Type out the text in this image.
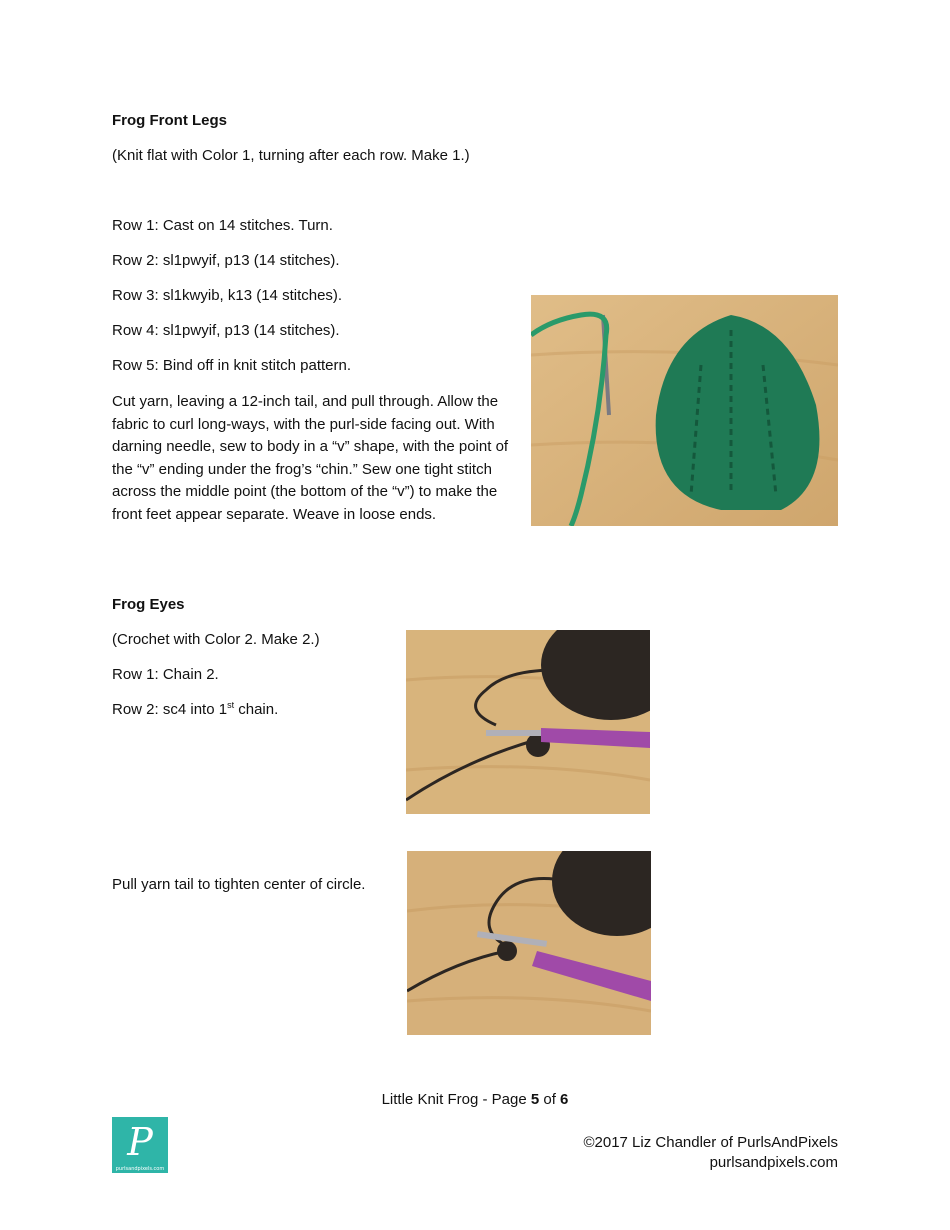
Frog Front Legs
(Knit flat with Color 1, turning after each row. Make 1.)
Row 1: Cast on 14 stitches. Turn.
Row 2: sl1pwyif, p13 (14 stitches).
Row 3: sl1kwyib, k13 (14 stitches).
Row 4: sl1pwyif, p13 (14 stitches).
Row 5: Bind off in knit stitch pattern.
Cut yarn, leaving a 12-inch tail, and pull through. Allow the fabric to curl long-ways, with the purl-side facing out. With darning needle, sew to body in a “v” shape, with the point of the “v” ending under the frog’s “chin.” Sew one tight stitch across the middle point (the bottom of the “v”) to make the front feet appear separate. Weave in loose ends.
Frog Eyes
(Crochet with Color 2. Make 2.)
Row 1: Chain 2.
Row 2: sc4 into 1st chain.
Pull yarn tail to tighten center of circle.
Little Knit Frog - Page 5 of 6
P
purlsandpixels.com
©2017 Liz Chandler of PurlsAndPixels
purlsandpixels.com
